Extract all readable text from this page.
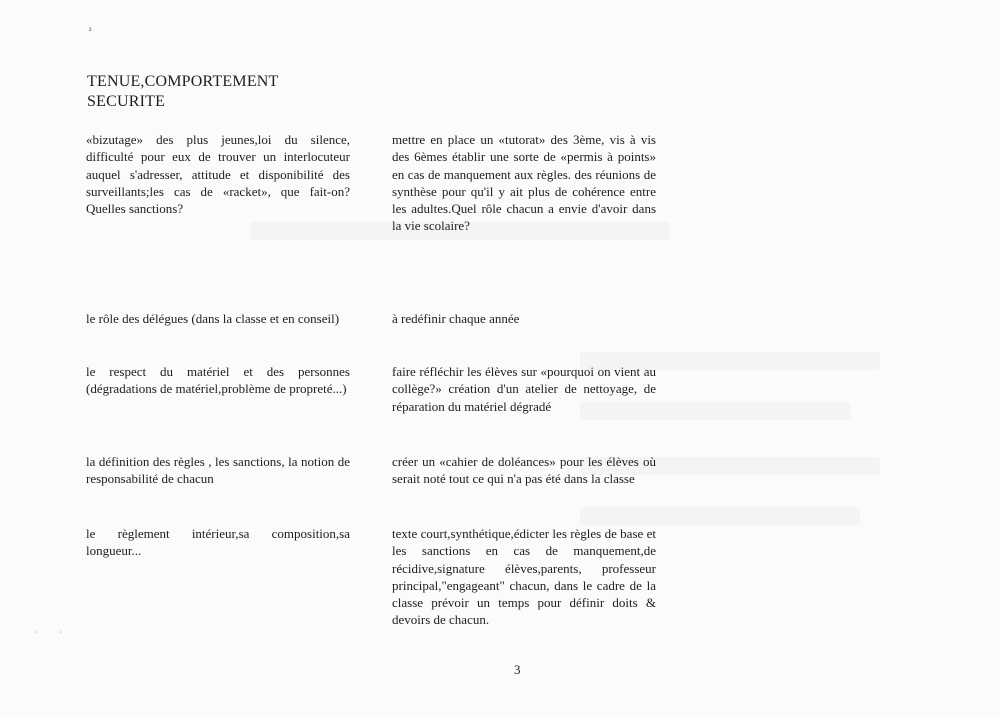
²
TENUE,COMPORTEMENT
SECURITE
«bizutage» des plus jeunes,loi du silence, difficulté pour eux de trouver un interlocuteur auquel s'adresser, attitude et disponibilité des surveillants;les cas de «racket», que fait-on?Quelles sanctions?
mettre en place un «tutorat» des 3ème, vis à vis des 6èmes établir une sorte de «permis à points» en cas de manquement aux règles. des réunions de synthèse pour qu'il y ait plus de cohérence entre les adultes.Quel rôle chacun a envie d'avoir dans la vie scolaire?
le rôle des délégues (dans la classe et en conseil)	à redéfinir chaque année
le respect du matériel et des personnes (dégradations de matériel,problème de propreté...)
faire réfléchir les élèves sur «pourquoi on vient au collège?» création d'un atelier de nettoyage, de réparation du matériel dégradé
la définition des règles , les sanctions, la notion de responsabilité de chacun
créer un «cahier de doléances» pour les élèves où serait noté tout ce qui n'a pas été dans la classe
le règlement intérieur,sa composition,sa longueur...
texte court,synthétique,édicter les règles de base et les sanctions en cas de manquement,de récidive,signature élèves,parents, professeur principal,"engageant" chacun, dans le cadre de la classe prévoir un temps pour définir doits & devoirs de chacun.
· ·
3
